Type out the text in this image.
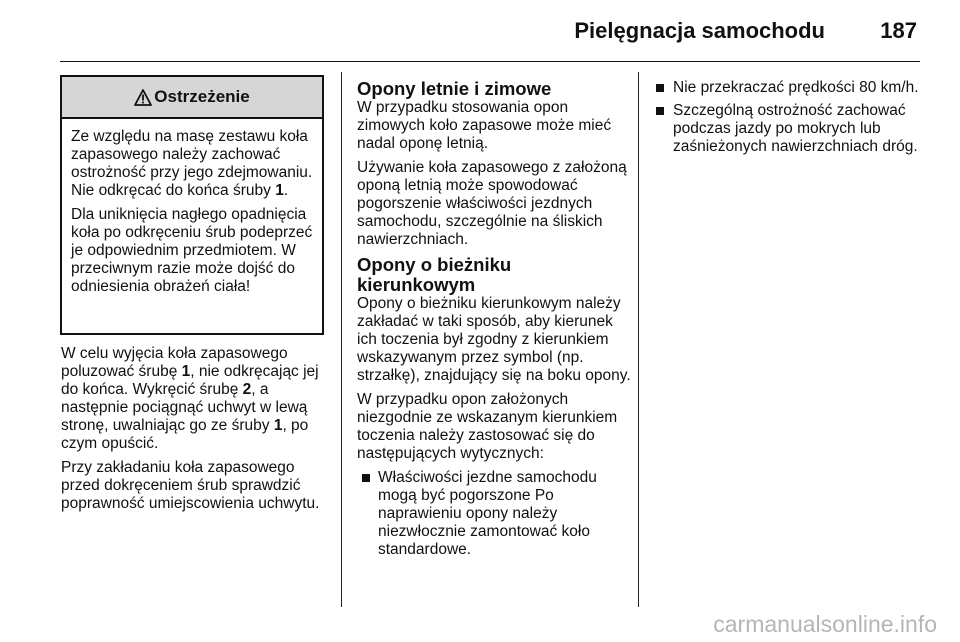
Pielęgnacja samochodu	187
Ostrzeżenie

Ze względu na masę zestawu koła zapasowego należy zachować ostrożność przy jego zdejmowaniu. Nie odkręcać do końca śruby 1.

Dla uniknięcia nagłego opadnięcia koła po odkręceniu śrub podeprzeć je odpowiednim przedmiotem. W przeciwnym razie może dojść do odniesienia obrażeń ciała!

W celu wyjęcia koła zapasowego poluzować śrubę 1, nie odkręcając jej do końca. Wykręcić śrubę 2, a następnie pociągnąć uchwyt w lewą stronę, uwalniając go ze śruby 1, po czym opuścić.

Przy zakładaniu koła zapasowego przed dokręceniem śrub sprawdzić poprawność umiejscowienia uchwytu.

Opony letnie i zimowe

W przypadku stosowania opon zimowych koło zapasowe może mieć nadal oponę letnią.

Używanie koła zapasowego z założoną oponą letnią może spowodować pogorszenie właściwości jezdnych samochodu, szczególnie na śliskich nawierzchniach.

Opony o bieżniku kierunkowym

Opony o bieżniku kierunkowym należy zakładać w taki sposób, aby kierunek ich toczenia był zgodny z kierunkiem wskazywanym przez symbol (np. strzałkę), znajdujący się na boku opony.

W przypadku opon założonych niezgodnie ze wskazanym kierunkiem toczenia należy zastosować się do następujących wytycznych:

Właściwości jezdne samochodu mogą być pogorszone Po naprawieniu opony należy niezwłocznie zamontować koło standardowe.
Nie przekraczać prędkości 80 km/h.
Szczególną ostrożność zachować podczas jazdy po mokrych lub zaśnieżonych nawierzchniach dróg.
carmanualsonline.info
